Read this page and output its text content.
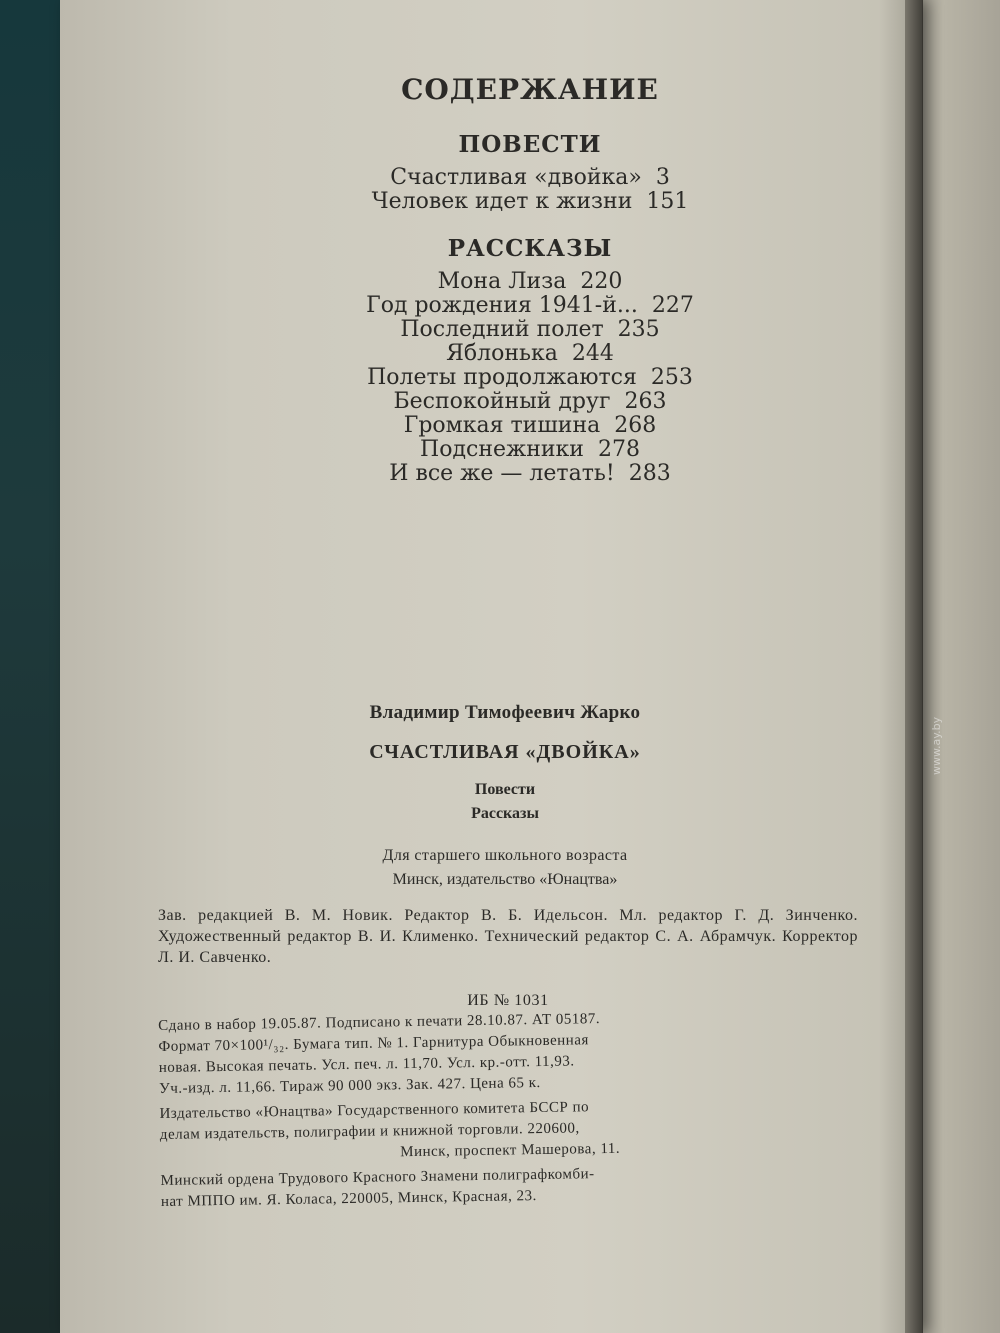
СОДЕРЖАНИЕ
ПОВЕСТИ
Счастливая «двойка» 3
Человек идет к жизни 151
РАССКАЗЫ
Мона Лиза 220
Год рождения 1941-й... 227
Последний полет 235
Яблонька 244
Полеты продолжаются 253
Беспокойный друг 263
Громкая тишина 268
Подснежники 278
И все же — летать! 283
Владимир Тимофеевич Жарко
СЧАСТЛИВАЯ «ДВОЙКА»
Повести
Рассказы
Для старшего школьного возраста
Минск, издательство «Юнацтва»
Зав. редакцией В. М. Новик. Редактор В. Б. Идельсон. Мл. редактор Г. Д. Зинченко. Художественный редактор В. И. Клименко. Технический редактор С. А. Абрамчук. Корректор Л. И. Савченко.
ИБ № 1031
Сдано в набор 19.05.87. Подписано к печати 28.10.87. АТ 05187.
Формат 70×100¹/₃₂. Бумага тип. № 1. Гарнитура Обыкновенная
новая. Высокая печать. Усл. печ. л. 11,70. Усл. кр.-отт. 11,93.
Уч.-изд. л. 11,66. Тираж 90 000 экз. Зак. 427. Цена 65 к.
Издательство «Юнацтва» Государственного комитета БССР по
делам издательств, полиграфии и книжной торговли. 220600,
Минск, проспект Машерова, 11.
Минский ордена Трудового Красного Знамени полиграфкомби-
нат МППО им. Я. Коласа, 220005, Минск, Красная, 23.
www.ay.by
